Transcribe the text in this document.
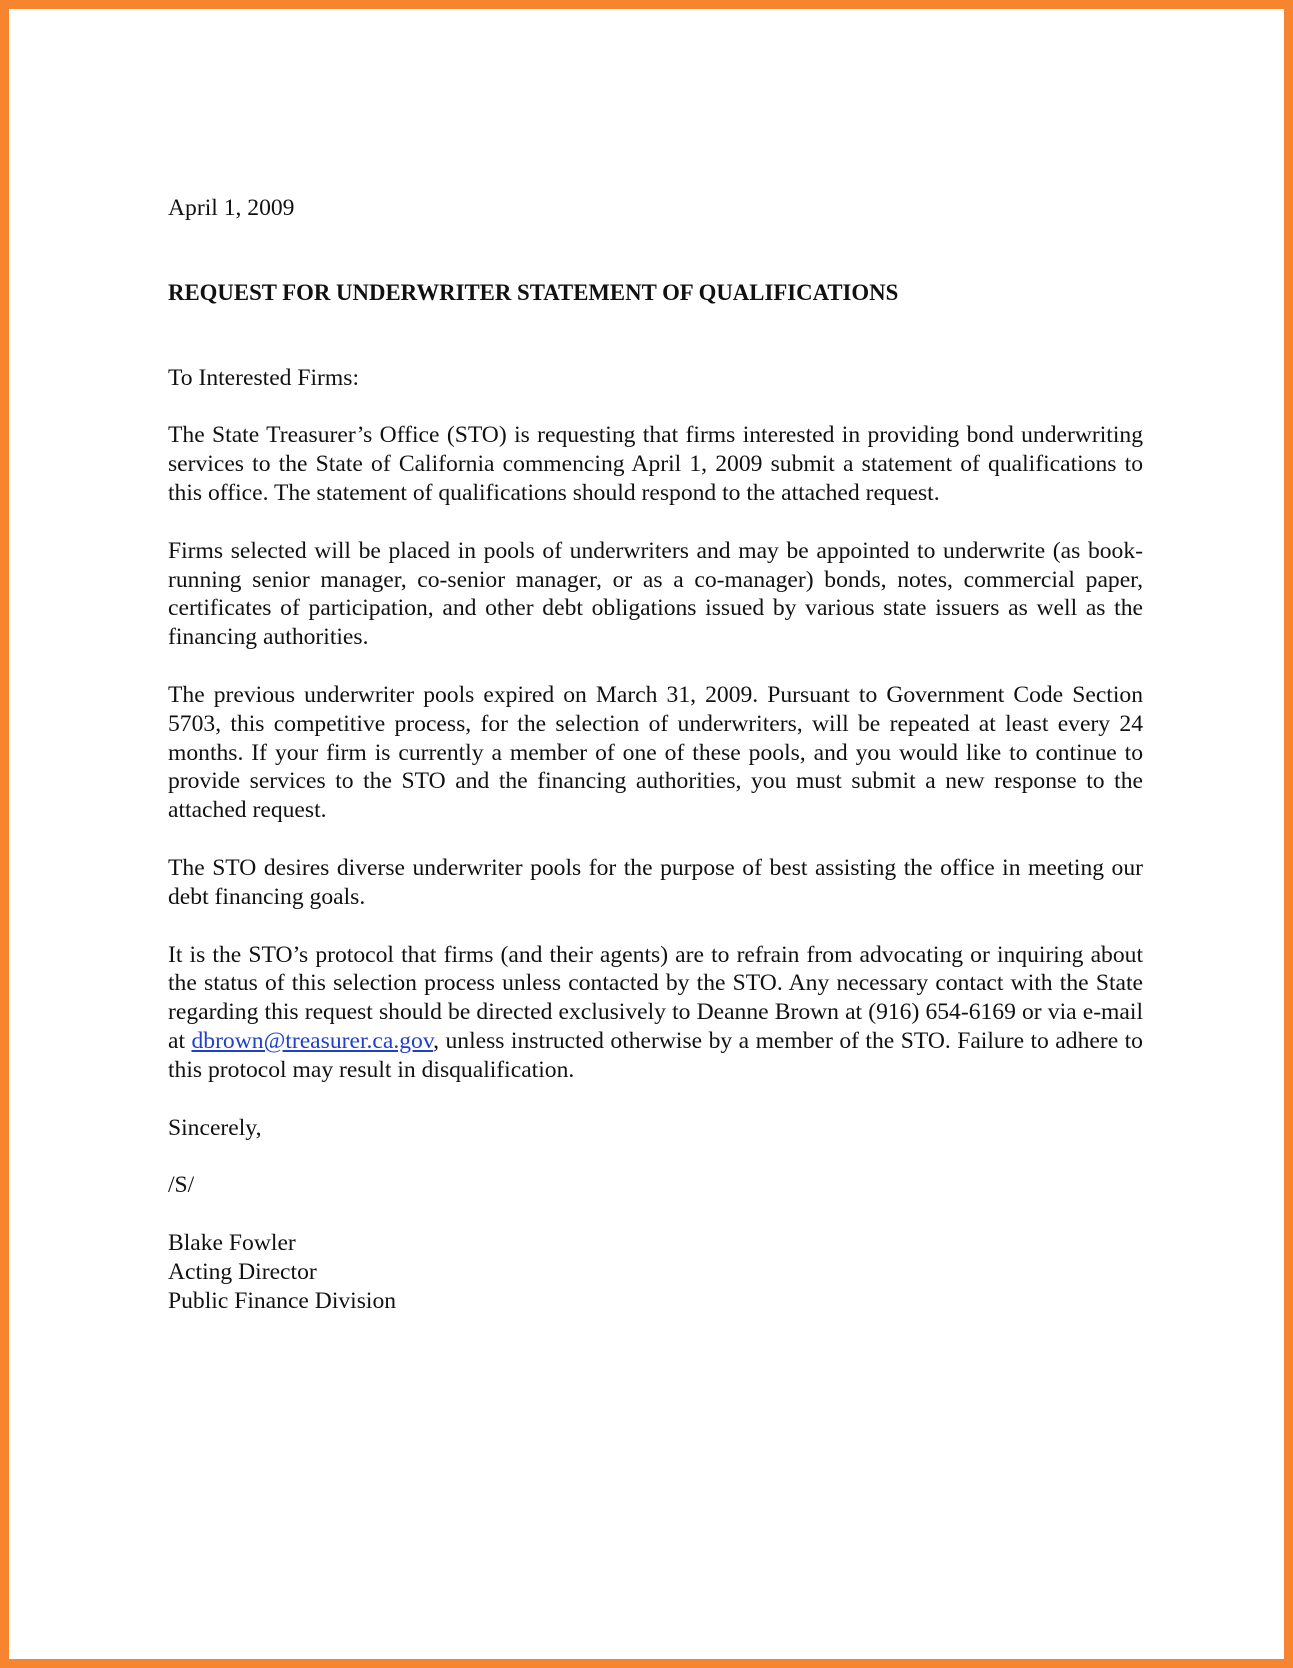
April 1, 2009
REQUEST FOR UNDERWRITER STATEMENT OF QUALIFICATIONS
To Interested Firms:

The State Treasurer’s Office (STO) is requesting that firms interested in providing bond underwriting services to the State of California commencing April 1, 2009 submit a statement of qualifications to this office. The statement of qualifications should respond to the attached request.

Firms selected will be placed in pools of underwriters and may be appointed to underwrite (as book-running senior manager, co-senior manager, or as a co-manager) bonds, notes, commercial paper, certificates of participation, and other debt obligations issued by various state issuers as well as the financing authorities.

The previous underwriter pools expired on March 31, 2009. Pursuant to Government Code Section 5703, this competitive process, for the selection of underwriters, will be repeated at least every 24 months. If your firm is currently a member of one of these pools, and you would like to continue to provide services to the STO and the financing authorities, you must submit a new response to the attached request.

The STO desires diverse underwriter pools for the purpose of best assisting the office in meeting our debt financing goals.

It is the STO’s protocol that firms (and their agents) are to refrain from advocating or inquiring about the status of this selection process unless contacted by the STO. Any necessary contact with the State regarding this request should be directed exclusively to Deanne Brown at (916) 654-6169 or via e-mail at dbrown@treasurer.ca.gov, unless instructed otherwise by a member of the STO. Failure to adhere to this protocol may result in disqualification.

Sincerely,
/S/
Blake Fowler
Acting Director
Public Finance Division
